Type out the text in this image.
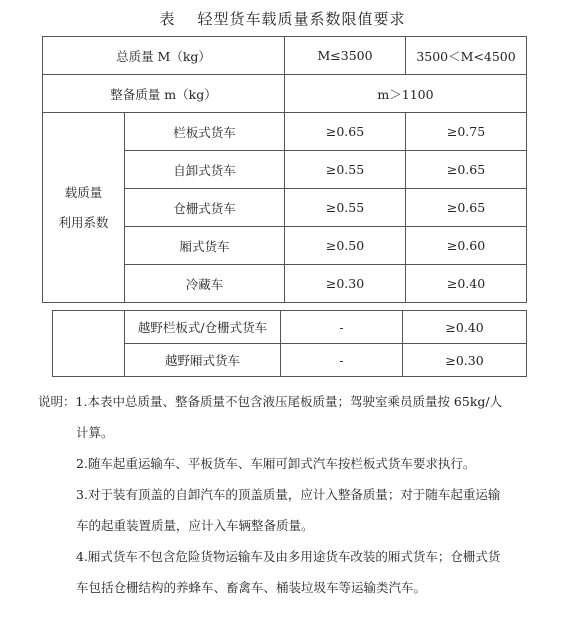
表 轻型货车载质量系数限值要求
总质量 M（kg）		M≤3500	3500＜M<4500
整备质量 m（kg）		m＞1100	

载质量
利用系数	栏板式货车	≥0.65	≥0.75
	自卸式货车	≥0.55	≥0.65
	仓栅式货车	≥0.55	≥0.65
	厢式货车	≥0.50	≥0.60
	冷藏车	≥0.30	≥0.40
	越野栏板式/仓栅式货车	-	≥0.40
	越野厢式货车	-	≥0.30
说明：1.本表中总质量、整备质量不包含液压尾板质量；驾驶室乘员质量按 65kg/人
计算。
2.随车起重运输车、平板货车、车厢可卸式汽车按栏板式货车要求执行。
3.对于装有顶盖的自卸汽车的顶盖质量，应计入整备质量；对于随车起重运输
车的起重装置质量，应计入车辆整备质量。
4.厢式货车不包含危险货物运输车及由多用途货车改装的厢式货车；仓栅式货
车包括仓栅结构的养蜂车、畜禽车、桶装垃圾车等运输类汽车。
